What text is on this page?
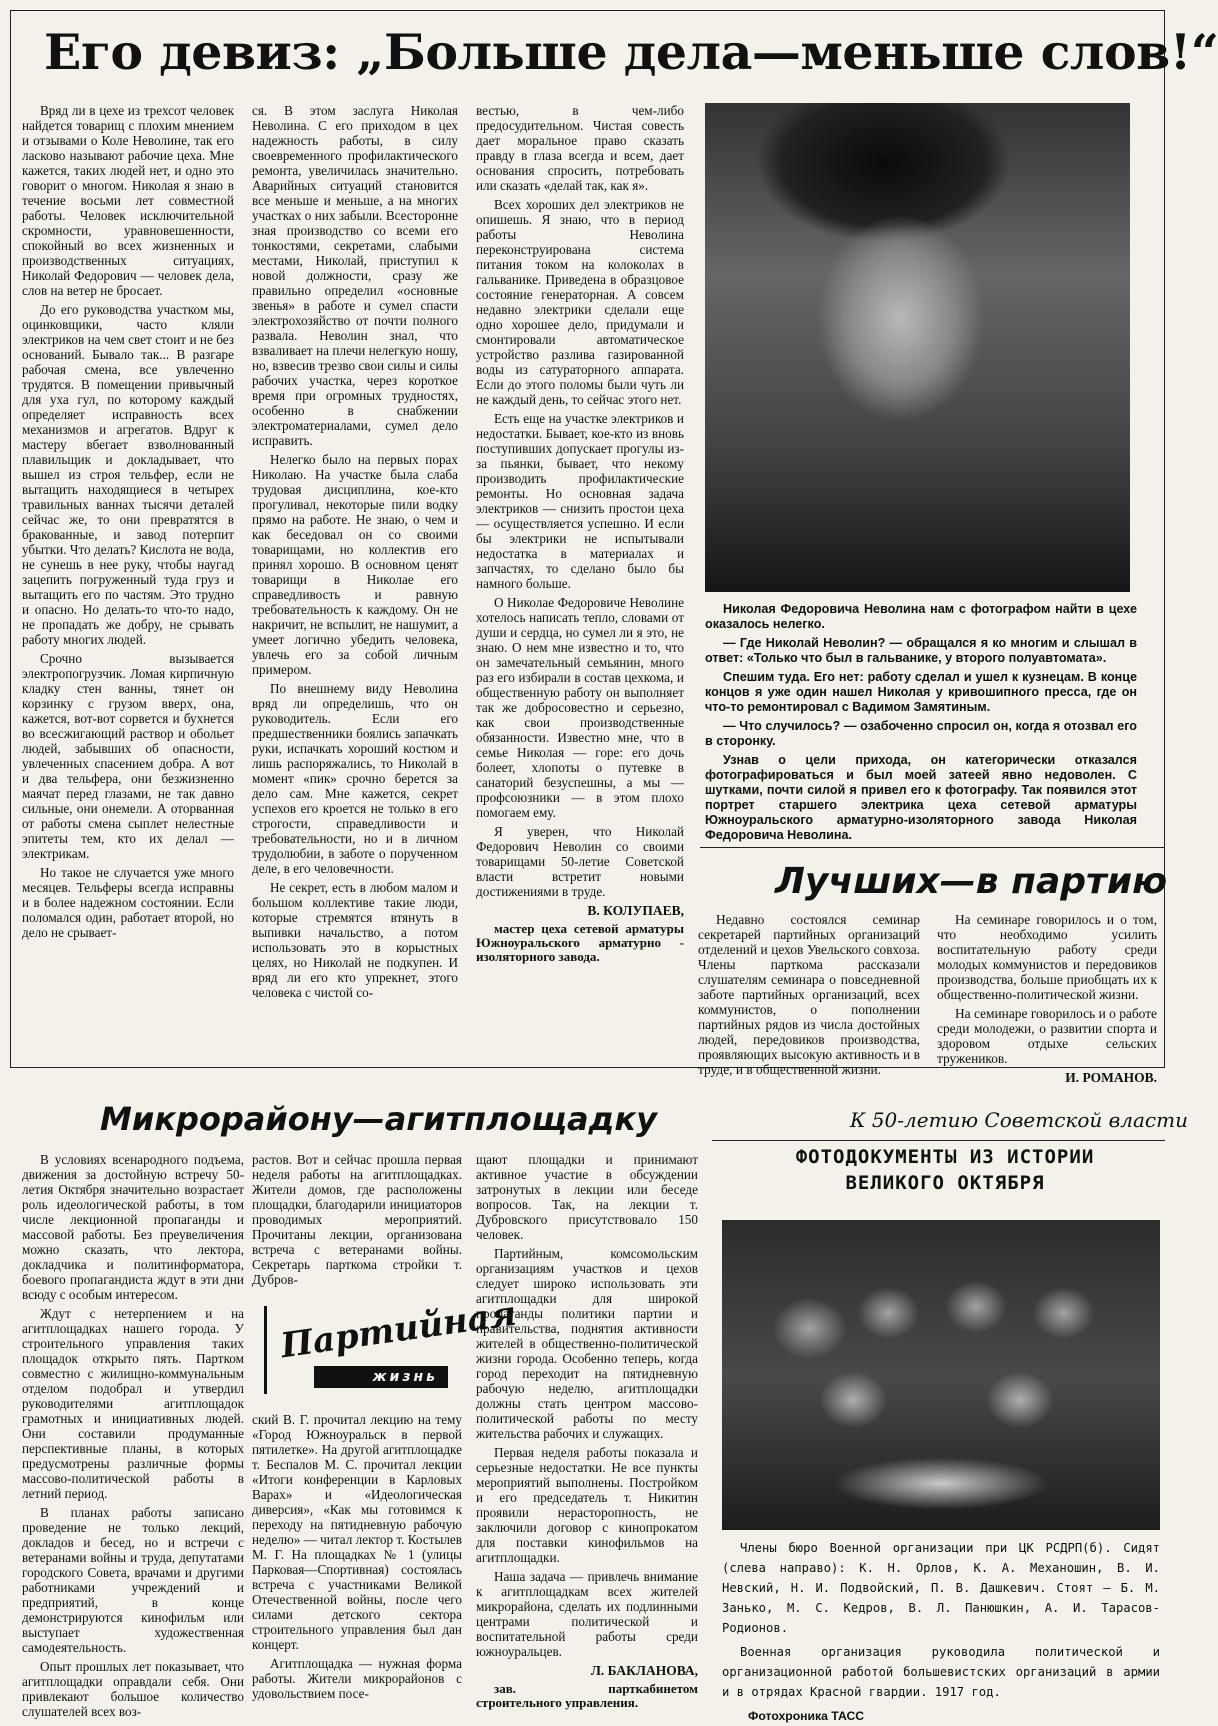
Его девиз: „Больше дела—меньше слов!“

Вряд ли в цехе из трехсот человек найдется товарищ с плохим мнением и отзывами о Коле Неволине, так его ласково называют рабочие цеха. Мне кажется, таких людей нет, и одно это говорит о многом. Николая я знаю в течение восьми лет совместной работы. Человек исключительной скромности, уравновешенности, спокойный во всех жизненных и производственных ситуациях, Николай Федорович — человек дела, слов на ветер не бросает.

До его руководства участком мы, оцинковщики, часто кляли электриков на чем свет стоит и не без оснований. Бывало так... В разгаре рабочая смена, все увлеченно трудятся. В помещении привычный для уха гул, по которому каждый определяет исправность всех механизмов и агрегатов. Вдруг к мастеру вбегает взволнованный плавильщик и докладывает, что вышел из строя тельфер, если не вытащить находящиеся в четырех травильных ваннах тысячи деталей сейчас же, то они превратятся в бракованные, и завод потерпит убытки. Что делать? Кислота не вода, не сунешь в нее руку, чтобы наугад зацепить погруженный туда груз и вытащить его по частям. Это трудно и опасно. Но делать-то что-то надо, не пропадать же добру, не срывать работу многих людей.

Срочно вызывается электропогрузчик. Ломая кирпичную кладку стен ванны, тянет он корзинку с грузом вверх, она, кажется, вот-вот сорвется и бухнется во всесжигающий раствор и обольет людей, забывших об опасности, увлеченных спасением добра. А вот и два тельфера, они безжизненно маячат перед глазами, не так давно сильные, они онемели. А оторванная от работы смена сыплет нелестные эпитеты тем, кто их делал — электрикам.

Но такое не случается уже много месяцев. Тельферы всегда исправны и в более надежном состоянии. Если поломался один, работает второй, но дело не срывает-

ся. В этом заслуга Николая Неволина. С его приходом в цех надежность работы, в силу своевременного профилактического ремонта, увеличилась значительно. Аварийных ситуаций становится все меньше и меньше, а на многих участках о них забыли. Всесторонне зная производство со всеми его тонкостями, секретами, слабыми местами, Николай, приступил к новой должности, сразу же правильно определил «основные звенья» в работе и сумел спасти электрохозяйство от почти полного развала. Неволин знал, что взваливает на плечи нелегкую ношу, но, взвесив трезво свои силы и силы рабочих участка, через короткое время при огромных трудностях, особенно в снабжении электроматериалами, сумел дело исправить.

Нелегко было на первых порах Николаю. На участке была слаба трудовая дисциплина, кое-кто прогуливал, некоторые пили водку прямо на работе. Не знаю, о чем и как беседовал он со своими товарищами, но коллектив его принял хорошо. В основном ценят товарищи в Николае его справедливость и равную требовательность к каждому. Он не накричит, не вспылит, не нашумит, а умеет логично убедить человека, увлечь его за собой личным примером.

По внешнему виду Неволина вряд ли определишь, что он руководитель. Если его предшественники боялись запачкать руки, испачкать хороший костюм и лишь распоряжались, то Николай в момент «пик» срочно берется за дело сам. Мне кажется, секрет успехов его кроется не только в его строгости, справедливости и требовательности, но и в личном трудолюбии, в заботе о порученном деле, в его человечности.

Не секрет, есть в любом малом и большом коллективе такие люди, которые стремятся втянуть в выпивки начальство, а потом использовать это в корыстных целях, но Николай не подкупен. И вряд ли его кто упрекнет, этого человека с чистой со-

вестью, в чем-либо предосудительном. Чистая совесть дает моральное право сказать правду в глаза всегда и всем, дает основания спросить, потребовать или сказать «делай так, как я».

Всех хороших дел электриков не опишешь. Я знаю, что в период работы Неволина переконструирована система питания током на колоколах в гальванике. Приведена в образцовое состояние генераторная. А совсем недавно электрики сделали еще одно хорошее дело, придумали и смонтировали автоматическое устройство разлива газированной воды из сатураторного аппарата. Если до этого поломы были чуть ли не каждый день, то сейчас этого нет.

Есть еще на участке электриков и недостатки. Бывает, кое-кто из вновь поступивших допускает прогулы из-за пьянки, бывает, что некому производить профилактические ремонты. Но основная задача электриков — снизить простои цеха — осуществляется успешно. И если бы электрики не испытывали недостатка в материалах и запчастях, то сделано было бы намного больше.

О Николае Федоровиче Неволине хотелось написать тепло, словами от души и сердца, но сумел ли я это, не знаю. О нем мне известно и то, что он замечательный семьянин, много раз его избирали в состав цехкома, и общественную работу он выполняет так же добросовестно и серьезно, как свои производственные обязанности. Известно мне, что в семье Николая — горе: его дочь болеет, хлопоты о путевке в санаторий безуспешны, а мы — профсоюзники — в этом плохо помогаем ему.

Я уверен, что Николай Федорович Неволин со своими товарищами 50-летие Советской власти встретит новыми достижениями в труде.

В. КОЛУПАЕВ,

мастер цеха сетевой арматуры Южноуральского арматурно - изоляторного завода.

Николая Федоровича Неволина нам с фотографом найти в цехе оказалось нелегко.

— Где Николай Неволин? — обращался я ко многим и слышал в ответ: «Только что был в гальванике, у второго полуавтомата».

Спешим туда. Его нет: работу сделал и ушел к кузнецам. В конце концов я уже один нашел Николая у кривошипного пресса, где он что-то ремонтировал с Вадимом Замятиным.

— Что случилось? — озабоченно спросил он, когда я отозвал его в сторонку.

Узнав о цели прихода, он категорически отказался фотографироваться и был моей затеей явно недоволен. С шутками, почти силой я привел его к фотографу. Так появился этот портрет старшего электрика цеха сетевой арматуры Южноуральского арматурно-изоляторного завода Николая Федоровича Неволина.

Лучших—в партию

Недавно состоялся семинар секретарей партийных организаций отделений и цехов Увельского совхоза. Члены парткома рассказали слушателям семинара о повседневной заботе партийных организаций, всех коммунистов, о пополнении партийных рядов из числа достойных людей, передовиков производства, проявляющих высокую активность и в труде, и в общественной жизни.

На семинаре говорилось и о том, что необходимо усилить воспитательную работу среди молодых коммунистов и передовиков производства, больше приобщать их к общественно-политической жизни.

На семинаре говорилось и о работе среди молодежи, о развитии спорта и здоровом отдыхе сельских тружеников.

И. РОМАНОВ.

Микрорайону—агитплощадку

В условиях всенародного подъема, движения за достойную встречу 50-летия Октября значительно возрастает роль идеологической работы, в том числе лекционной пропаганды и массовой работы. Без преувеличения можно сказать, что лектора, докладчика и политинформатора, боевого пропагандиста ждут в эти дни всюду с особым интересом.

Ждут с нетерпением и на агитплощадках нашего города. У строительного управления таких площадок открыто пять. Партком совместно с жилищно-коммунальным отделом подобрал и утвердил руководителями агитплощадок грамотных и инициативных людей. Они составили продуманные перспективные планы, в которых предусмотрены различные формы массово-политической работы в летний период.

В планах работы записано проведение не только лекций, докладов и бесед, но и встречи с ветеранами войны и труда, депутатами городского Совета, врачами и другими работниками учреждений и предприятий, в конце демонстрируются кинофильм или выступает художественная самодеятельность.

Опыт прошлых лет показывает, что агитплощадки оправдали себя. Они привлекают большое количество слушателей всех воз-

растов. Вот и сейчас прошла первая неделя работы на агитплощадках. Жители домов, где расположены площадки, благодарили инициаторов проводимых мероприятий. Прочитаны лекции, организована встреча с ветеранами войны. Секретарь парткома стройки т. Дубров-

Партийная
жизнь

ский В. Г. прочитал лекцию на тему «Город Южноуральск в первой пятилетке». На другой агитплощадке т. Беспалов М. С. прочитал лекции «Итоги конференции в Карловых Варах» и «Идеологическая диверсия», «Как мы готовимся к переходу на пятидневную рабочую неделю» — читал лектор т. Костылев М. Г. На площадках № 1 (улицы Парковая—Спортивная) состоялась встреча с участниками Великой Отечественной войны, после чего силами детского сектора строительного управления был дан концерт.

Агитплощадка — нужная форма работы. Жители микрорайонов с удовольствием посе-

щают площадки и принимают активное участие в обсуждении затронутых в лекции или беседе вопросов. Так, на лекции т. Дубровского присутствовало 150 человек.

Партийным, комсомольским организациям участков и цехов следует широко использовать эти агитплощадки для широкой пропаганды политики партии и правительства, поднятия активности жителей в общественно-политической жизни города. Особенно теперь, когда город переходит на пятидневную рабочую неделю, агитплощадки должны стать центром массово-политической работы по месту жительства рабочих и служащих.

Первая неделя работы показала и серьезные недостатки. Не все пункты мероприятий выполнены. Постройком и его председатель т. Никитин проявили нерасторопность, не заключили договор с кинопрокатом для поставки кинофильмов на агитплощадки.

Наша задача — привлечь внимание к агитплощадкам всех жителей микрорайона, сделать их подлинными центрами политической и воспитательной работы среди южноуральцев.

Л. БАКЛАНОВА,

зав. парткабинетом строительного управления.

К 50-летию Советской власти
ФОТОДОКУМЕНТЫ ИЗ ИСТОРИИ ВЕЛИКОГО ОКТЯБРЯ

Члены бюро Военной организации при ЦК РСДРП(б). Сидят (слева направо): К. Н. Орлов, К. А. Механошин, В. И. Невский, Н. И. Подвойский, П. В. Дашкевич. Стоят — Б. М. Занько, М. С. Кедров, В. Л. Панюшкин, А. И. Тарасов-Родионов.

Военная организация руководила политической и организационной работой большевистских организаций в армии и в отрядах Красной гвардии. 1917 год.

Фотохроника ТАСС
